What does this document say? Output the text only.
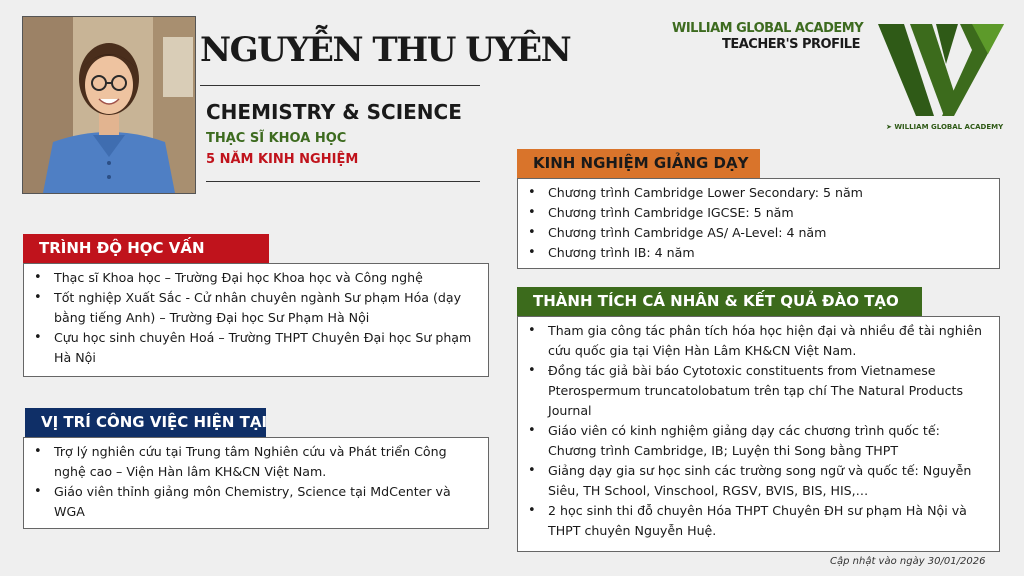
NGUYỄN THU UYÊN
CHEMISTRY & SCIENCE
THẠC SĨ KHOA HỌC
5 NĂM KINH NGHIỆM
WILLIAM GLOBAL ACADEMY
TEACHER'S PROFILE
➤ WILLIAM GLOBAL ACADEMY
TRÌNH ĐỘ HỌC VẤN
• Thạc sĩ Khoa học – Trường Đại học Khoa học và Công nghệ
• Tốt nghiệp Xuất Sắc - Cử nhân chuyên ngành Sư phạm Hóa (dạy bằng tiếng Anh) – Trường Đại học Sư Phạm Hà Nội
• Cựu học sinh chuyên Hoá – Trường THPT Chuyên Đại học Sư phạm Hà Nội
VỊ TRÍ CÔNG VIỆC HIỆN TẠI
• Trợ lý nghiên cứu tại Trung tâm Nghiên cứu và Phát triển Công nghệ cao – Viện Hàn lâm KH&CN Việt Nam.
• Giáo viên thỉnh giảng môn Chemistry, Science tại MdCenter và WGA
KINH NGHIỆM GIẢNG DẠY
• Chương trình Cambridge Lower Secondary: 5 năm
• Chương trình Cambridge IGCSE: 5 năm
• Chương trình Cambridge AS/ A-Level: 4 năm
• Chương trình IB: 4 năm
THÀNH TÍCH CÁ NHÂN & KẾT QUẢ ĐÀO TẠO
• Tham gia công tác phân tích hóa học hiện đại và nhiều đề tài nghiên cứu quốc gia tại Viện Hàn Lâm KH&CN Việt Nam.
• Đồng tác giả bài báo Cytotoxic constituents from Vietnamese Pterospermum truncatolobatum trên tạp chí The Natural Products Journal
• Giáo viên có kinh nghiệm giảng dạy các chương trình quốc tế: Chương trình Cambridge, IB; Luyện thi Song bằng THPT
• Giảng dạy gia sư học sinh các trường song ngữ và quốc tế: Nguyễn Siêu, TH School, Vinschool, RGSV, BVIS, BIS, HIS,…
• 2 học sinh thi đỗ chuyên Hóa THPT Chuyên ĐH sư phạm Hà Nội và THPT chuyên Nguyễn Huệ.
Cập nhật vào ngày 30/01/2026
